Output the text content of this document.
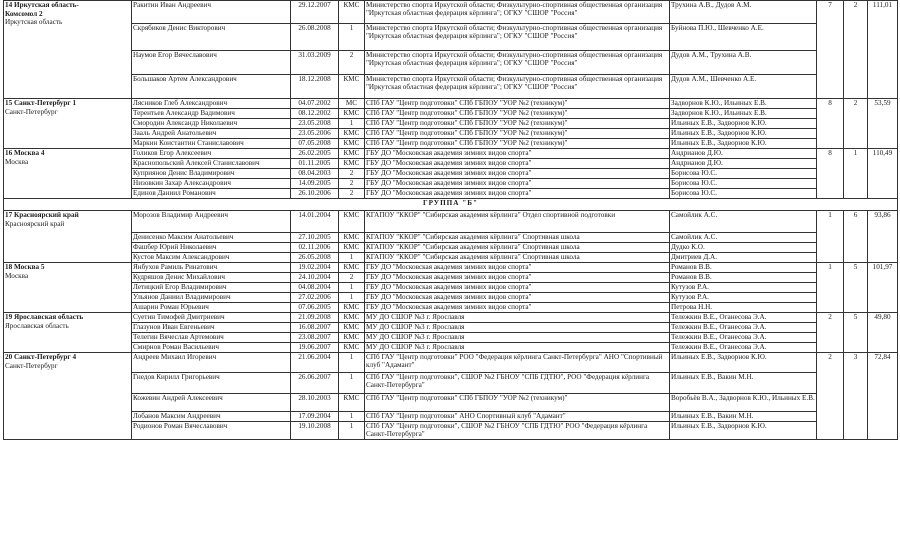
14 Иркутская область-
Комсомол 2
Иркутская область	Ракитин Иван Андреевич	29.12.2007	КМС	Министерство спорта Иркутской области; Физкультурно-спортивная общественная организация "Иркутская областная федерация кёрлинга"; ОГКУ "СШОР "Россия"	Трухина А.В., Дудов А.М.	7	2	111,01
	Скрябиков Денис Викторович	26.08.2008	1	Министерство спорта Иркутской области; Физкультурно-спортивная общественная организация "Иркутская областная федерация кёрлинга"; ОГКУ "СШОР "Россия"	Буйнова П.Ю., Шевченко А.Е.			
	Наумов Егор Вячеславович	31.03.2009	2	Министерство спорта Иркутской области; Физкультурно-спортивная общественная организация "Иркутская областная федерация кёрлинга"; ОГКУ "СШОР "Россия"	Дудов А.М., Трухина А.В.			
	Большаков Артем Александрович	18.12.2008	КМС	Министерство спорта Иркутской области; Физкультурно-спортивная общественная организация "Иркутская областная федерация кёрлинга"; ОГКУ "СШОР "Россия"	Дудов А.М., Шевченко А.Е.			

15 Санкт-Петербург 1
Санкт-Петербург	Лясников Глеб Александрович	04.07.2002	МС	СПб ГАУ "Центр подготовки" СПб ГБПОУ "УОР №2 (техникум)"	Задворнов К.Ю., Ильиных Е.В.	8	2	53,59
	Терентьев Александр Вадимович	08.12.2002	КМС	СПб ГАУ "Центр подготовки" СПб ГБПОУ "УОР №2 (техникум)"	Задворнов К.Ю., Ильиных Е.В.			
	Смородин Александр Николаевич	23.05.2008	1	СПб ГАУ "Центр подготовки" СПб ГБПОУ "УОР №2 (техникум)"	Ильиных Е.В., Задворнов К.Ю.			
	Зааль Андрей Анатольевич	23.05.2006	КМС	СПб ГАУ "Центр подготовки" СПб ГБПОУ "УОР №2 (техникум)"	Ильиных Е.В., Задворнов К.Ю.			
	Маркин Константин Станиславович	07.05.2008	КМС	СПб ГАУ "Центр подготовки" СПб ГБПОУ "УОР №2 (техникум)"	Ильиных Е.В., Задворнов К.Ю.			

16 Москва 4
Москва	Голиков Егор Алексеевич	26.02.2005	КМС	ГБУ ДО "Московская академия зимних видов спорта"	Андрианов Д.Ю.	8	1	110,49
	Краснопольский Алексей Станиславович	01.11.2005	КМС	ГБУ ДО "Московская академия зимних видов спорта"	Андрианов Д.Ю.			
	Куприянов Денис Владимирович	08.04.2003	2	ГБУ ДО "Московская академия зимних видов спорта"	Борисова Ю.С.			
	Низовкин Захар Александрович	14.09.2005	2	ГБУ ДО "Московская академия зимних видов спорта"	Борисова Ю.С.			
	Единов Даниил Романович	26.10.2006	2	ГБУ ДО "Московская академия зимних видов спорта"	Борисова Ю.С.			
ГРУППА "Б"								

17 Красноярский край
Красноярский край	Морозов Владимир Андреевич	14.01.2004	КМС	КГАПОУ "ККОР" "Сибирская академия кёрлинга" Отдел спортивной подготовки	Самойлик А.С.	1	6	93,86
	Денисенко Максим Анатольевич	27.10.2005	КМС	КГАПОУ "ККОР" "Сибирская академия кёрлинга" Спортивная школа	Самойлик А.С.			
	Фашбер Юрий Николаевич	02.11.2006	КМС	КГАПОУ "ККОР" "Сибирская академия кёрлинга" Спортивная школа	Дудко К.О.			
	Кустов Максим Александрович	26.05.2008	1	КГАПОУ "ККОР" "Сибирская академия кёрлинга" Спортивная школа	Дмитриев Д.А.			

18 Москва 5
Москва	Янбухов Рамиль Ринатович	19.02.2004	КМС	ГБУ ДО "Московская академия зимних видов спорта"	Романов В.В.	1	5	101,97
	Кудряшов Денис Михайлович	24.10.2004	2	ГБУ ДО "Московская академия зимних видов спорта"	Романов В.В.			
	Летицкий Егор Владимирович	04.08.2004	1	ГБУ ДО "Московская академия зимних видов спорта"	Кутузов Р.А.			
	Ульянов Даниил Владимирович	27.02.2006	1	ГБУ ДО "Московская академия зимних видов спорта"	Кутузов Р.А.			
	Ашарин Роман Юрьевич	07.06.2005	КМС	ГБУ ДО "Московская академия зимних видов спорта"	Петрова Н.Н.			

19 Ярославская область
Ярославская область	Суетин Тимофей Дмитриевич	21.09.2008	КМС	МУ ДО СШОР №3 г. Ярославля	Тележкин В.Е., Оганесова Э.А.	2	5	49,80
	Глазунов Иван Евгеньевич	16.08.2007	КМС	МУ ДО СШОР №3 г. Ярославля	Тележкин В.Е., Оганесова Э.А.			
	Телегин Вячеслав Артемович	23.08.2007	КМС	МУ ДО СШОР №3 г. Ярославля	Тележкин В.Е., Оганесова Э.А.			
	Смирнов Роман Васильевич	19.06.2007	КМС	МУ ДО СШОР №3 г. Ярославля	Тележкин В.Е., Оганесова Э.А.			

20 Санкт-Петербург 4
Санкт-Петербург	Андреев Михаил Игоревич	21.06.2004	1	СПб ГАУ "Центр подготовки" РОО "Федерация кёрлинга Санкт-Петербурга" АНО "Спортивный клуб "Адамант"	Ильиных Е.В., Задворнов К.Ю.	2	3	72,84
	Гнедов Кирилл Григорьевич	26.06.2007	1	СПб ГАУ "Центр подготовки", СШОР №2 ГБНОУ "СПБ ГДТЮ", РОО "Федерация кёрлинга Санкт-Петербурга"	Ильиных Е.В., Вакин М.Н.			
	Кожевин Андрей Алексеевич	28.10.2003	КМС	СПб ГАУ "Центр подготовки" СПб ГБПОУ "УОР №2 (техникум)"	Воробьёв В.А., Задворнов К.Ю., Ильиных Е.В.			
	Лобанов Максим Андреевич	17.09.2004	1	СПб ГАУ "Центр подготовки" АНО Спортивный клуб "Адамант"	Ильиных Е.В., Вакин М.Н.			
	Родионов Роман Вячеславович	19.10.2008	1	СПб ГАУ "Центр подготовки", СШОР №2 ГБНОУ "СПБ ГДТЮ" РОО "Федерация кёрлинга Санкт-Петербурга"	Ильиных Е.В., Задворнов К.Ю.			
